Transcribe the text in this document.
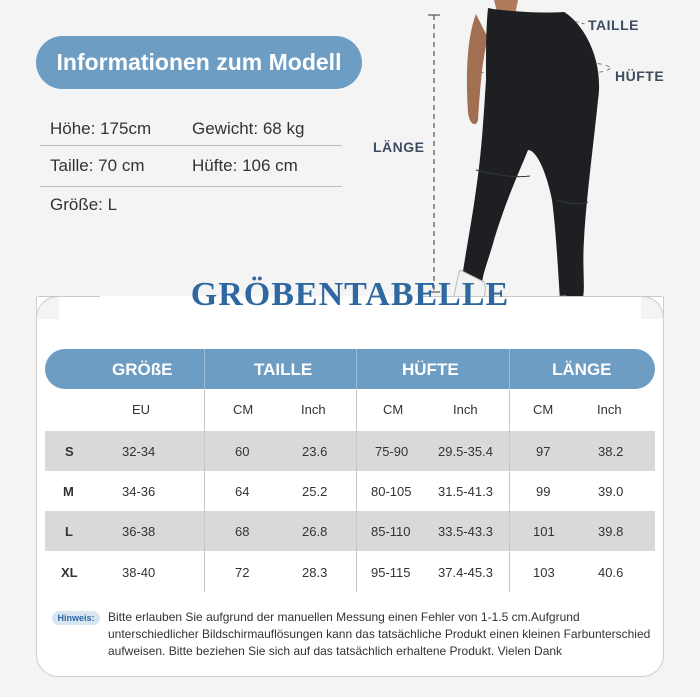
Informationen zum Modell
Höhe: 175cm Gewicht: 68 kg
Taille: 70 cm	Hüfte: 106 cm
Größe: L
TAILLE
HÜFTE
LÄNGE
GRÖBENTABELLE
GRÖßE	TAILLE	HÜFTE	LÄNGE
EU	CM	Inch	CM	Inch	CM	Inch
S	32-34	60	23.6	75-90 29.5-35.4	97	38.2
M	34-36	64	25.2	80-105 31.5-41.3	99	39.0
L	36-38	68	26.8	85-110 33.5-43.3	101	39.8
XL	38-40	72	28.3	95-115 37.4-45.3	103	40.6
Hinweis:	Bitte erlauben Sie aufgrund der manuellen Messung einen Fehler von 1-1.5 cm.Aufgrund unterschiedlicher Bildschirmauflösungen kann das tatsächliche Produkt einen kleinen Farbunterschied aufweisen. Bitte beziehen Sie sich auf das tatsächlich erhaltene Produkt. Vielen Dank
